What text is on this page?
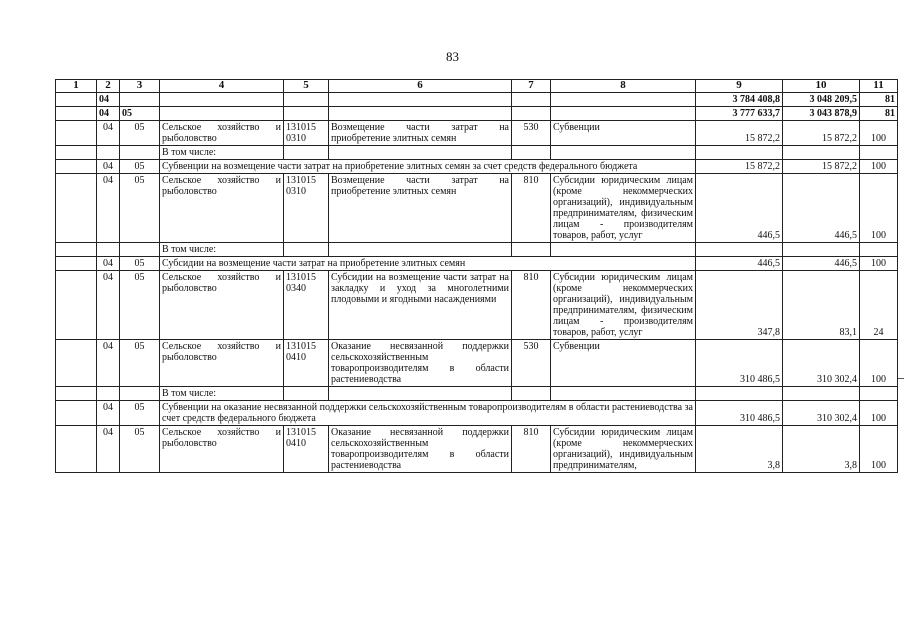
83
1	2	3	4	5	6	7	8	9	10	11
	04							3 784 408,8	3 048 209,5	81
	04	05						3 777 633,7	3 043 878,9	81
	04	05	Сельское хозяйство и рыболовство	131015 0310	Возмещение части затрат на приобретение элитных семян	530	Субвенции	15 872,2	15 872,2	100
			В том числе:							
	04	05	Субвенции на возмещение части затрат на приобретение элитных семян за счет средств федерального бюджета					15 872,2	15 872,2	100
	04	05	Сельское хозяйство и рыболовство	131015 0310	Возмещение части затрат на приобретение элитных семян	810	Субсидии юридическим лицам (кроме некоммерческих организаций), индивидуальным предпринимателям, физическим лицам - производителям товаров, работ, услуг	446,5	446,5	100
			В том числе:							
	04	05	Субсидии на возмещение части затрат на приобретение элитных семян					446,5	446,5	100
	04	05	Сельское хозяйство и рыболовство	131015 0340	Субсидии на возмещение части затрат на закладку и уход за многолетними плодовыми и ягодными насаждениями	810	Субсидии юридическим лицам (кроме некоммерческих организаций), индивидуальным предпринимателям, физическим лицам - производителям товаров, работ, услуг	347,8	83,1	24
	04	05	Сельское хозяйство и рыболовство	131015 0410	Оказание несвязанной поддержки сельскохозяйственным товаропроизводителям в области растениеводства	530	Субвенции	310 486,5	310 302,4	100
			В том числе:							
	04	05	Субвенции на оказание несвязанной поддержки сельскохозяйственным товаропроизводителям в области растениеводства за счет средств федерального бюджета					310 486,5	310 302,4	100
	04	05	Сельское хозяйство и рыболовство	131015 0410	Оказание несвязанной поддержки сельскохозяйственным товаропроизводителям в области растениеводства	810	Субсидии юридическим лицам (кроме некоммерческих организаций), индивидуальным предпринимателям,	3,8	3,8	100
